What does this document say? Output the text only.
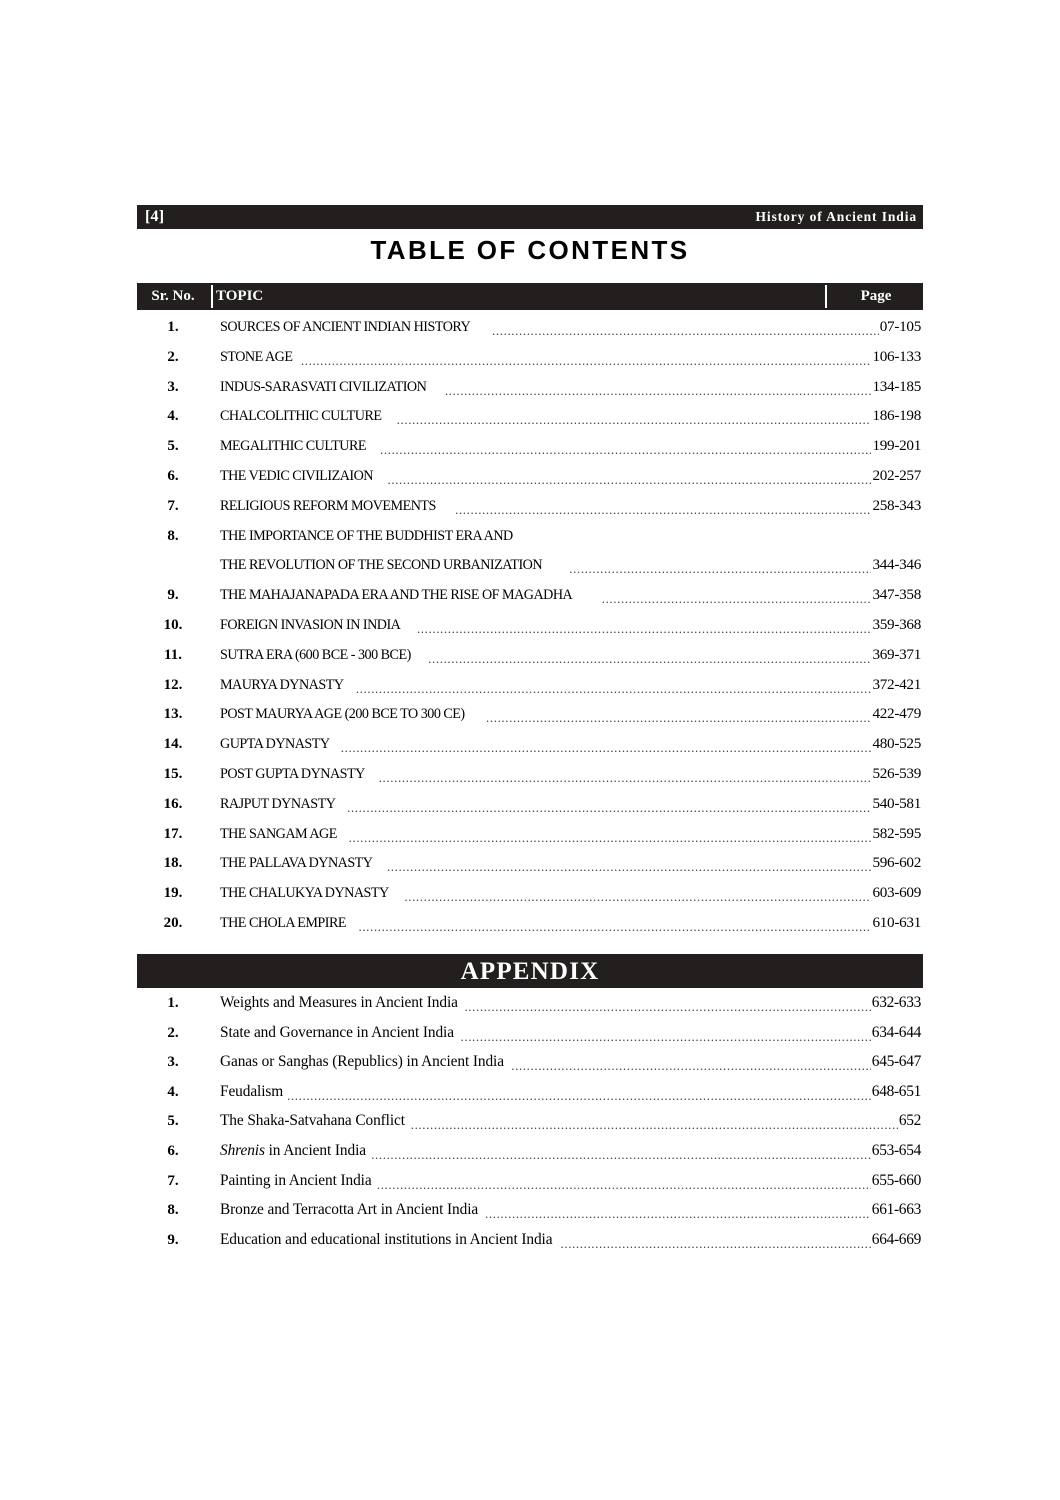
[4]	History of Ancient India
TABLE OF CONTENTS
Sr. No.	TOPIC	Page
1.	SOURCES OF ANCIENT INDIAN HISTORY .....	07-105
2.	STONE AGE .....	106-133
3.	INDUS-SARASVATI CIVILIZATION .....	134-185
4.	CHALCOLITHIC CULTURE .....	186-198
5.	MEGALITHIC CULTURE .....	199-201
6.	THE VEDIC CIVILIZAION .....	202-257
7.	RELIGIOUS REFORM MOVEMENTS .....	258-343
8.	THE IMPORTANCE OF THE BUDDHIST ERA AND
THE REVOLUTION OF THE SECOND URBANIZATION .....	344-346
9.	THE MAHAJANAPADA ERA AND THE RISE OF MAGADHA .....	347-358
10.	FOREIGN INVASION IN INDIA .....	359-368
11.	SUTRA ERA (600 BCE - 300 BCE) .....	369-371
12.	MAURYA DYNASTY .....	372-421
13.	POST MAURYA AGE (200 BCE TO 300 CE) .....	422-479
14.	GUPTA DYNASTY .....	480-525
15.	POST GUPTA DYNASTY .....	526-539
16.	RAJPUT DYNASTY .....	540-581
17.	THE SANGAM AGE .....	582-595
18.	THE PALLAVA DYNASTY .....	596-602
19.	THE CHALUKYA DYNASTY .....	603-609
20.	THE CHOLA EMPIRE .....	610-631
APPENDIX
1.	Weights and Measures in Ancient India .....	632-633
2.	State and Governance in Ancient India .....	634-644
3.	Ganas or Sanghas (Republics) in Ancient India .....	645-647
4.	Feudalism .....	648-651
5.	The Shaka-Satvahana Conflict .....	652
6.	Shrenis in Ancient India .....	653-654
7.	Painting in Ancient India .....	655-660
8.	Bronze and Terracotta Art in Ancient India .....	661-663
9.	Education and educational institutions in Ancient India .....	664-669
